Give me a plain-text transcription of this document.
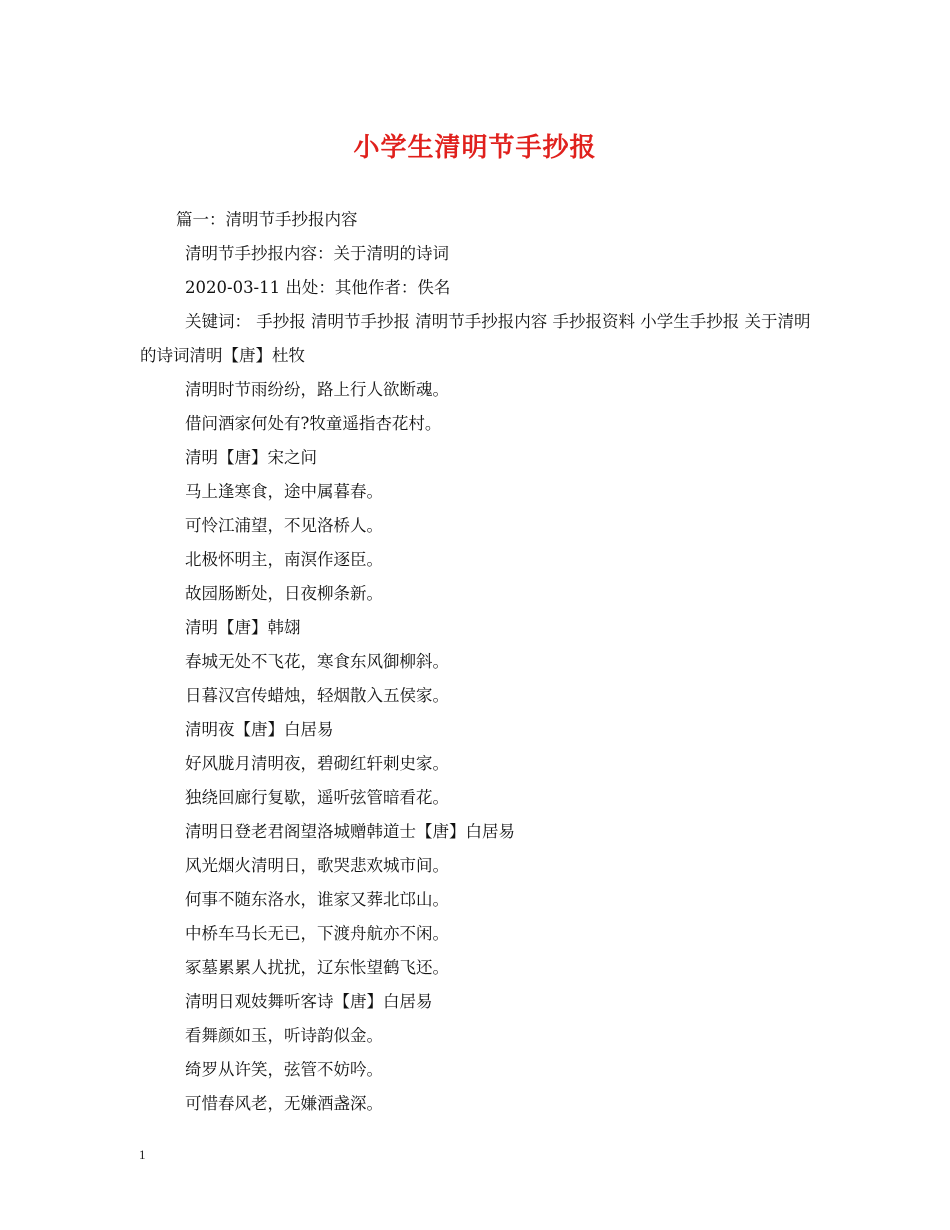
小学生清明节手抄报
篇一：清明节手抄报内容
清明节手抄报内容：关于清明的诗词
2020-03-11 出处：其他作者：佚名
关键词： 手抄报 清明节手抄报 清明节手抄报内容 手抄报资料 小学生手抄报 关于清明的诗词清明【唐】杜牧
清明时节雨纷纷，路上行人欲断魂。
借问酒家何处有?牧童遥指杏花村。
清明【唐】宋之问
马上逢寒食，途中属暮春。
可怜江浦望，不见洛桥人。
北极怀明主，南溟作逐臣。
故园肠断处，日夜柳条新。
清明【唐】韩翃
春城无处不飞花，寒食东风御柳斜。
日暮汉宫传蜡烛，轻烟散入五侯家。
清明夜【唐】白居易
好风胧月清明夜，碧砌红轩刺史家。
独绕回廊行复歇，遥听弦管暗看花。
清明日登老君阁望洛城赠韩道士【唐】白居易
风光烟火清明日，歌哭悲欢城市间。
何事不随东洛水，谁家又葬北邙山。
中桥车马长无已，下渡舟航亦不闲。
冢墓累累人扰扰，辽东怅望鹤飞还。
清明日观妓舞听客诗【唐】白居易
看舞颜如玉，听诗韵似金。
绮罗从许笑，弦管不妨吟。
可惜春风老，无嫌酒盏深。
1
